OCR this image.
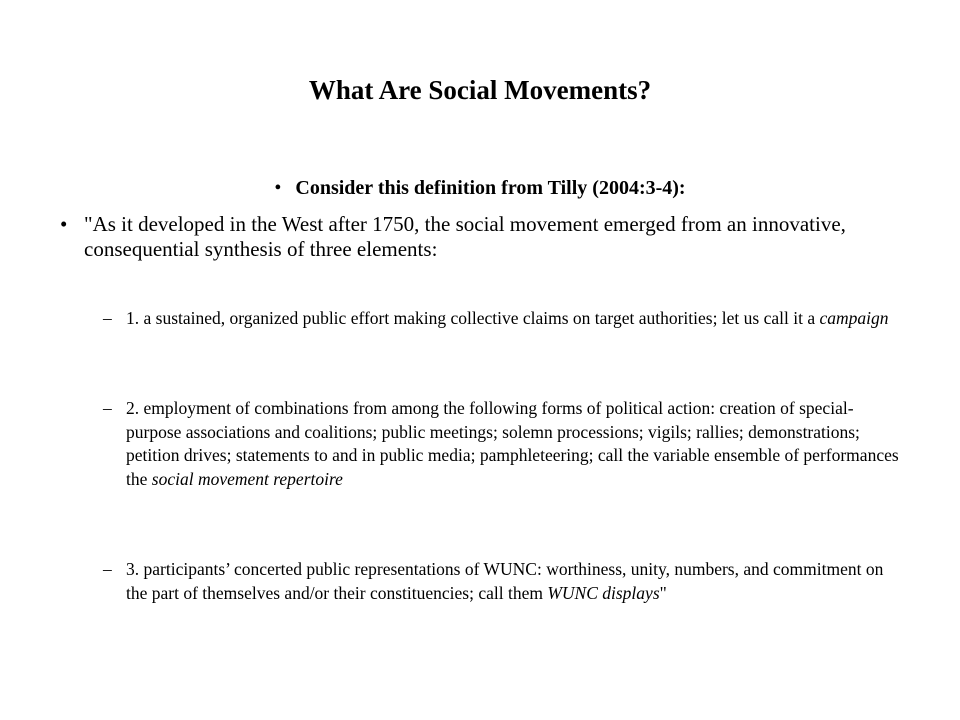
What Are Social Movements?
• Consider this definition from Tilly (2004:3-4):
• "As it developed in the West after 1750, the social movement emerged from an innovative, consequential synthesis of three elements:
– 1. a sustained, organized public effort making collective claims on target authorities; let us call it a campaign
– 2. employment of combinations from among the following forms of political action: creation of special-purpose associations and coalitions; public meetings; solemn processions; vigils; rallies; demonstrations; petition drives; statements to and in public media; pamphleteering; call the variable ensemble of performances the social movement repertoire
– 3. participants’ concerted public representations of WUNC: worthiness, unity, numbers, and commitment on the part of themselves and/or their constituencies; call them WUNC displays"
